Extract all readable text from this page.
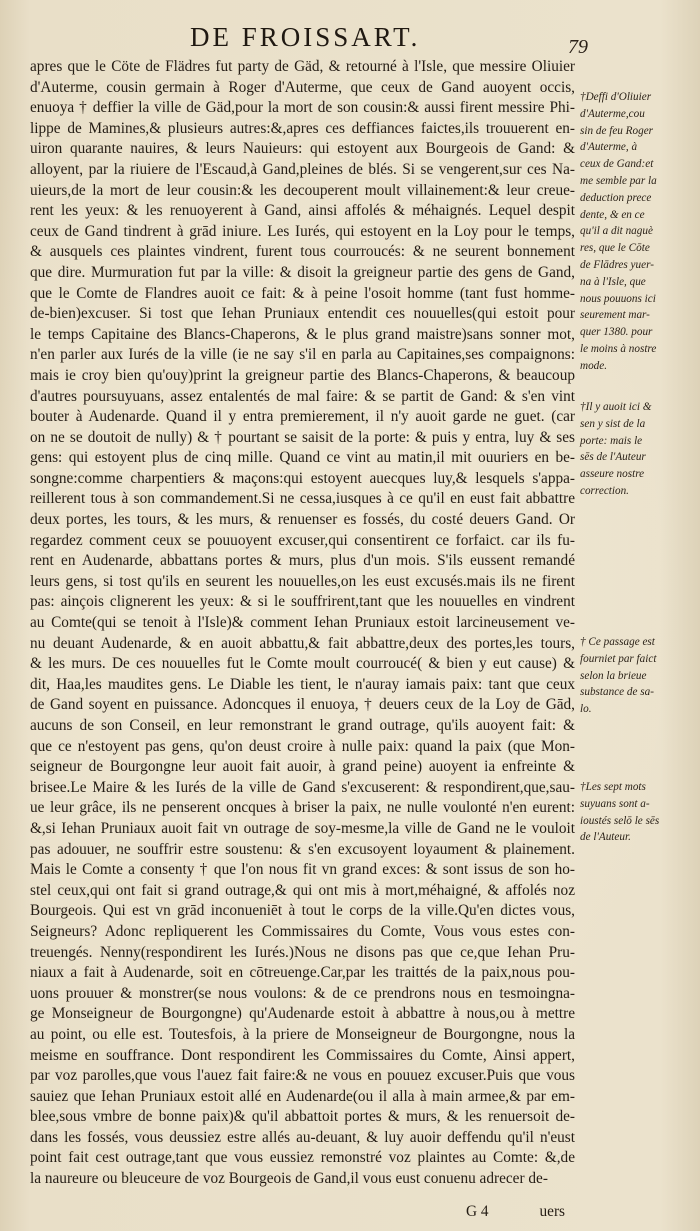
DE FROISSART.	79
apres que le Cöte de Flädres fut party de Gäd, & retourné à l'Isle, que messire Oliuier
d'Auterme, cousin germain à Roger d'Auterme, que ceux de Gand auoyent occis,
enuoya † deffier la ville de Gäd,pour la mort de son cousin:& aussi firent messire Phi-
lippe de Mamines,& plusieurs autres:&,apres ces deffiances faictes,ils trouuerent en-
uiron quarante nauires, & leurs Nauieurs: qui estoyent aux Bourgeois de Gand: &
alloyent, par la riuiere de l'Escaud,à Gand,pleines de blés. Si se vengerent,sur ces Na-
uieurs,de la mort de leur cousin:& les decouperent moult villainement:& leur creue-
rent les yeux: & les renuoyerent à Gand, ainsi affolés & méhaignés. Lequel despit
ceux de Gand tindrent à grād iniure. Les Iurés, qui estoyent en la Loy pour le temps,
& ausquels ces plaintes vindrent, furent tous courroucés: & ne seurent bonnement
que dire. Murmuration fut par la ville: & disoit la greigneur partie des gens de Gand,
que le Comte de Flandres auoit ce fait: & à peine l'osoit homme (tant fust homme-
de-bien)excuser. Si tost que Iehan Pruniaux entendit ces nouuelles(qui estoit pour
le temps Capitaine des Blancs-Chaperons, & le plus grand maistre)sans sonner mot,
n'en parler aux Iurés de la ville (ie ne say s'il en parla au Capitaines,ses compaignons:
mais ie croy bien qu'ouy)print la greigneur partie des Blancs-Chaperons, & beaucoup
d'autres poursuyuans, assez entalentés de mal faire: & se partit de Gand: & s'en vint
bouter à Audenarde. Quand il y entra premierement, il n'y auoit garde ne guet. (car
on ne se doutoit de nully) & † pourtant se saisit de la porte: & puis y entra, luy & ses
gens: qui estoyent plus de cinq mille. Quand ce vint au matin,il mit ouuriers en be-
songne:comme charpentiers & maçons:qui estoyent auecques luy,& lesquels s'appa-
reillerent tous à son commandement.Si ne cessa,iusques à ce qu'il en eust fait abbattre
deux portes, les tours, & les murs, & renuenser es fossés, du costé deuers Gand. Or
regardez comment ceux se pouuoyent excuser,qui consentirent ce forfaict. car ils fu-
rent en Audenarde, abbattans portes & murs, plus d'un mois. S'ils eussent remandé
leurs gens, si tost qu'ils en seurent les nouuelles,on les eust excusés.mais ils ne firent
pas: ainçois clignerent les yeux: & si le souffrirent,tant que les nouuelles en vindrent
au Comte(qui se tenoit à l'Isle)& comment Iehan Pruniaux estoit larcineusement ve-
nu deuant Audenarde, & en auoit abbattu,& fait abbattre,deux des portes,les tours,
& les murs. De ces nouuelles fut le Comte moult courroucé( & bien y eut cause) &
dit, Haa,les maudites gens. Le Diable les tient, le n'auray iamais paix: tant que ceux
de Gand soyent en puissance. Adoncques il enuoya, † deuers ceux de la Loy de Gād,
aucuns de son Conseil, en leur remonstrant le grand outrage, qu'ils auoyent fait: &
que ce n'estoyent pas gens, qu'on deust croire à nulle paix: quand la paix (que Mon-
seigneur de Bourgongne leur auoit fait auoir, à grand peine) auoyent ia enfreinte &
brisee.Le Maire & les Iurés de la ville de Gand s'excuserent: & respondirent,que,sau-
ue leur grâce, ils ne penserent oncques à briser la paix, ne nulle voulonté n'en eurent:
&,si Iehan Pruniaux auoit fait vn outrage de soy-mesme,la ville de Gand ne le vouloit
pas adouuer, ne souffrir estre soustenu: & s'en excusoyent loyaument & plainement.
Mais le Comte a consenty † que l'on nous fit vn grand exces: & sont issus de son ho-
stel ceux,qui ont fait si grand outrage,& qui ont mis à mort,méhaigné, & affolés noz
Bourgeois. Qui est vn grād inconueniēt à tout le corps de la ville.Qu'en dictes vous,
Seigneurs? Adonc repliquerent les Commissaires du Comte, Vous vous estes con-
treuengés. Nenny(respondirent les Iurés.)Nous ne disons pas que ce,que Iehan Pru-
niaux a fait à Audenarde, soit en cōtreuenge.Car,par les traittés de la paix,nous pou-
uons prouuer & monstrer(se nous voulons: & de ce prendrons nous en tesmoingna-
ge Monseigneur de Bourgongne) qu'Audenarde estoit à abbattre à nous,ou à mettre
au point, ou elle est. Toutesfois, à la priere de Monseigneur de Bourgongne, nous la
meisme en souffrance. Dont respondirent les Commissaires du Comte, Ainsi appert,
par voz parolles,que vous l'auez fait faire:& ne vous en pouuez excuser.Puis que vous
sauiez que Iehan Pruniaux estoit allé en Audenarde(ou il alla à main armee,& par em-
blee,sous vmbre de bonne paix)& qu'il abbattoit portes & murs, & les renuersoit de-
dans les fossés, vous deussiez estre allés au-deuant, & luy auoir deffendu qu'il n'eust
point fait cest outrage,tant que vous eussiez remonstré voz plaintes au Comte: &,de
la naureure ou bleuceure de voz Bourgeois de Gand,il vous eust conuenu adrecer de-
†Deffi d'Oliuier
d'Auterme,cou
sin de feu Roger
d'Auterme, à
ceux de Gand:et
me semble par la
deduction prece
dente, & en ce
qu'il a dit naguè
res, que le Cōte
de Flādres yuer-
na à l'Isle, que
nous pouuons ici
seurement mar-
quer 1380. pour
le moins à nostre
mode.
†Il y auoit ici &
sen y sist de la
porte: mais le
sēs de l'Auteur
asseure nostre
correction.
† Ce passage est
fourniet par faict
selon la brieue
substance de sa-
lo.
†Les sept mots
suyuans sont a-
ioustés selō le sēs
de l'Auteur.
G 4	uers
